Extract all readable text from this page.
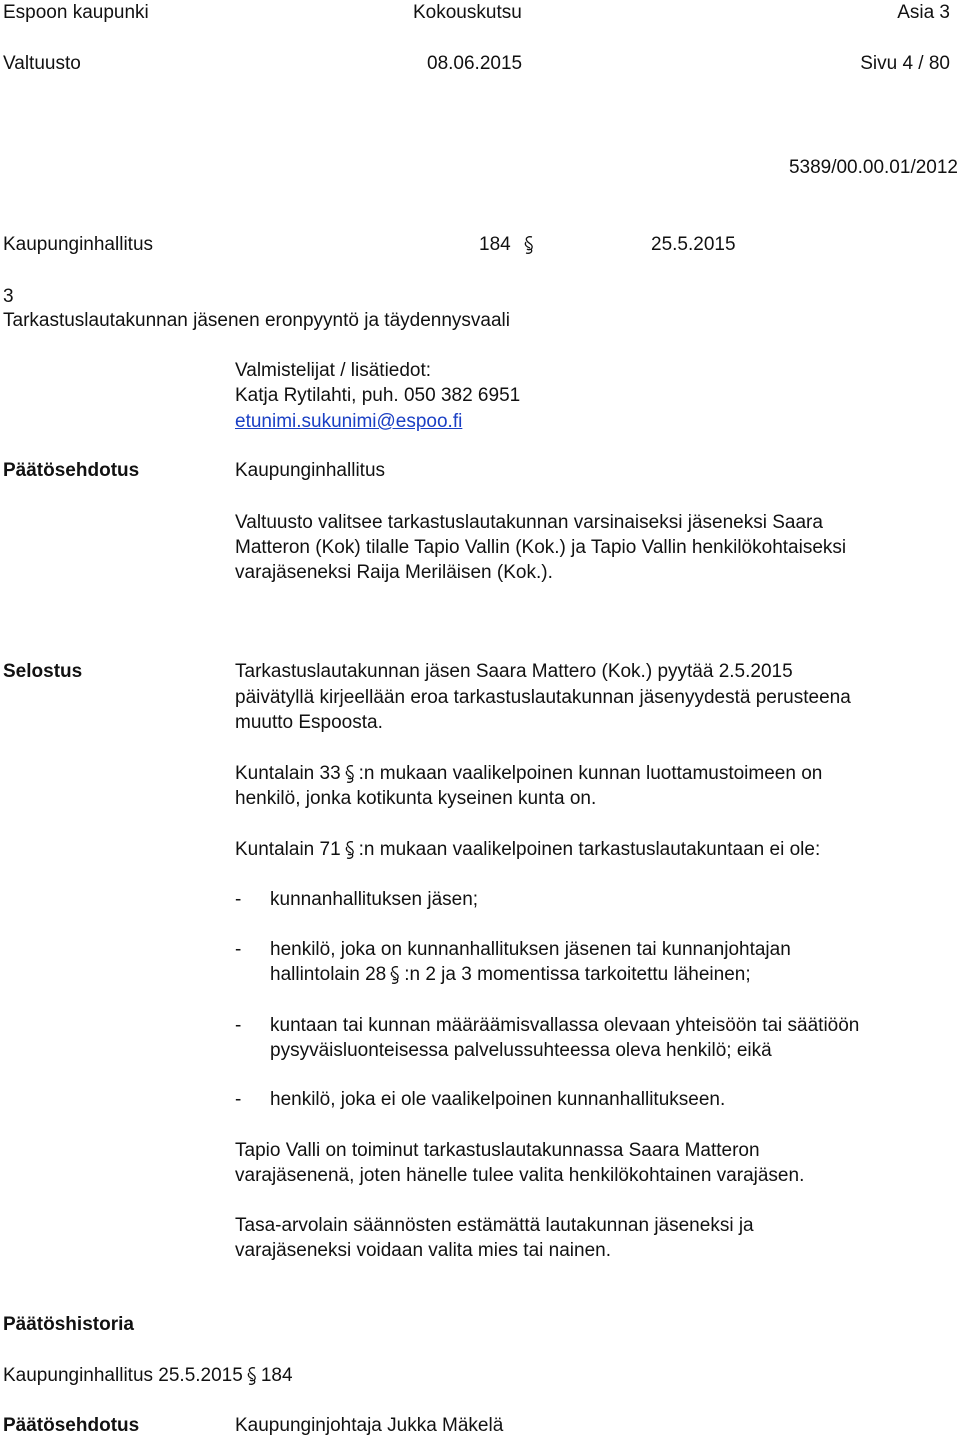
Espoon kaupunki	Kokouskutsu	Asia 3
Valtuusto	08.06.2015	Sivu 4 / 80
5389/00.00.01/2012
Kaupunginhallitus	184	25.5.2015
3
Tarkastuslautakunnan jäsenen eronpyyntö ja täydennysvaali
Valmistelijat / lisätiedot:
Katja Rytilahti, puh. 050 382 6951
etunimi.sukunimi@espoo.fi
Päätösehdotus	Kaupunginhallitus
Valtuusto valitsee tarkastuslautakunnan varsinaiseksi jäseneksi Saara
Matteron (Kok) tilalle Tapio Vallin (Kok.) ja Tapio Vallin henkilökohtaiseksi
varajäseneksi Raija Meriläisen (Kok.).
Selostus	Tarkastuslautakunnan jäsen Saara Mattero (Kok.) pyytää 2.5.2015
päivätyllä kirjeellään eroa tarkastuslautakunnan jäsenyydestä perusteena
muutto Espoosta.
Kuntalain 33 :n mukaan vaalikelpoinen kunnan luottamustoimeen on
henkilö, jonka kotikunta kyseinen kunta on.
Kuntalain 71 :n mukaan vaalikelpoinen tarkastuslautakuntaan ei ole:
- kunnanhallituksen jäsen;
- henkilö, joka on kunnanhallituksen jäsenen tai kunnanjohtajan
hallintolain 28 :n 2 ja 3 momentissa tarkoitettu läheinen;
- kuntaan tai kunnan määräämisvallassa olevaan yhteisöön tai säätiöön
pysyväisluonteisessa palvelussuhteessa oleva henkilö; eikä
- henkilö, joka ei ole vaalikelpoinen kunnanhallitukseen.
Tapio Valli on toiminut tarkastuslautakunnassa Saara Matteron
varajäsenenä, joten hänelle tulee valita henkilökohtainen varajäsen.
Tasa-arvolain säännösten estämättä lautakunnan jäseneksi ja
varajäseneksi voidaan valita mies tai nainen.
Päätöshistoria
Kaupunginhallitus 25.5.2015 184
Päätösehdotus	Kaupunginjohtaja Jukka Mäkelä
